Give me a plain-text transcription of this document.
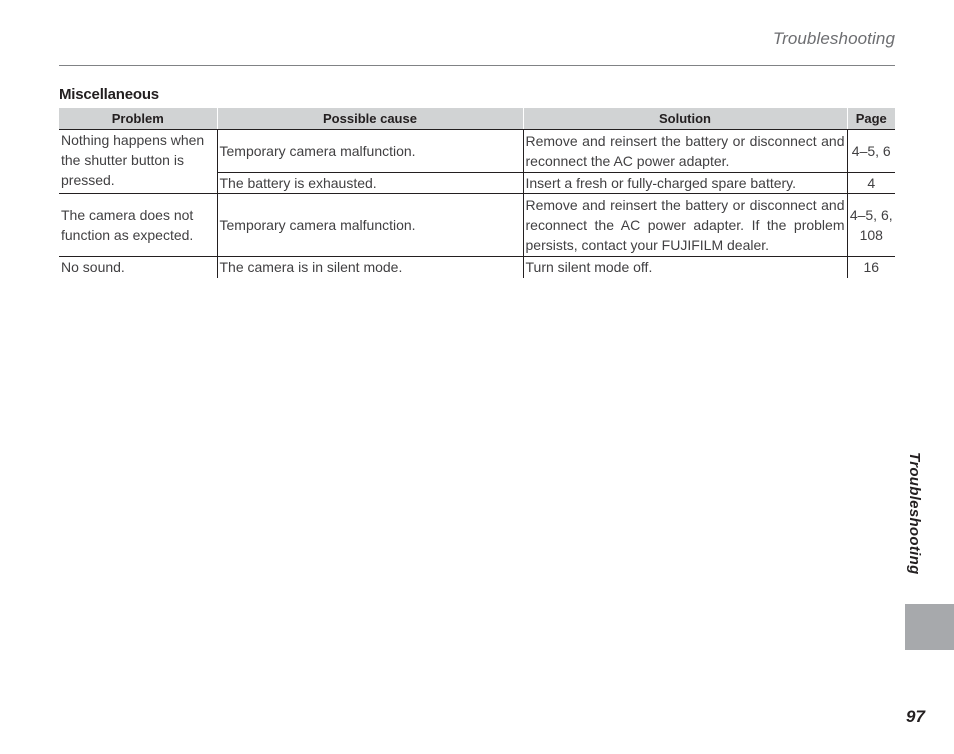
Troubleshooting
Miscellaneous
Problem	Possible cause	Solution	Page
Nothing happens when the shutter button is pressed.	Temporary camera malfunction.	Remove and reinsert the battery or disconnect and reconnect the AC power adapter.	4–5, 6
	The battery is exhausted.	Insert a fresh or fully-charged spare battery.	4
The camera does not function as expected.	Temporary camera malfunction.	Remove and reinsert the battery or disconnect and reconnect the AC power adapter. If the problem persists, contact your FUJIFILM dealer.	4–5, 6, 108
No sound.	The camera is in silent mode.	Turn silent mode off.	16
Troubleshooting
97
